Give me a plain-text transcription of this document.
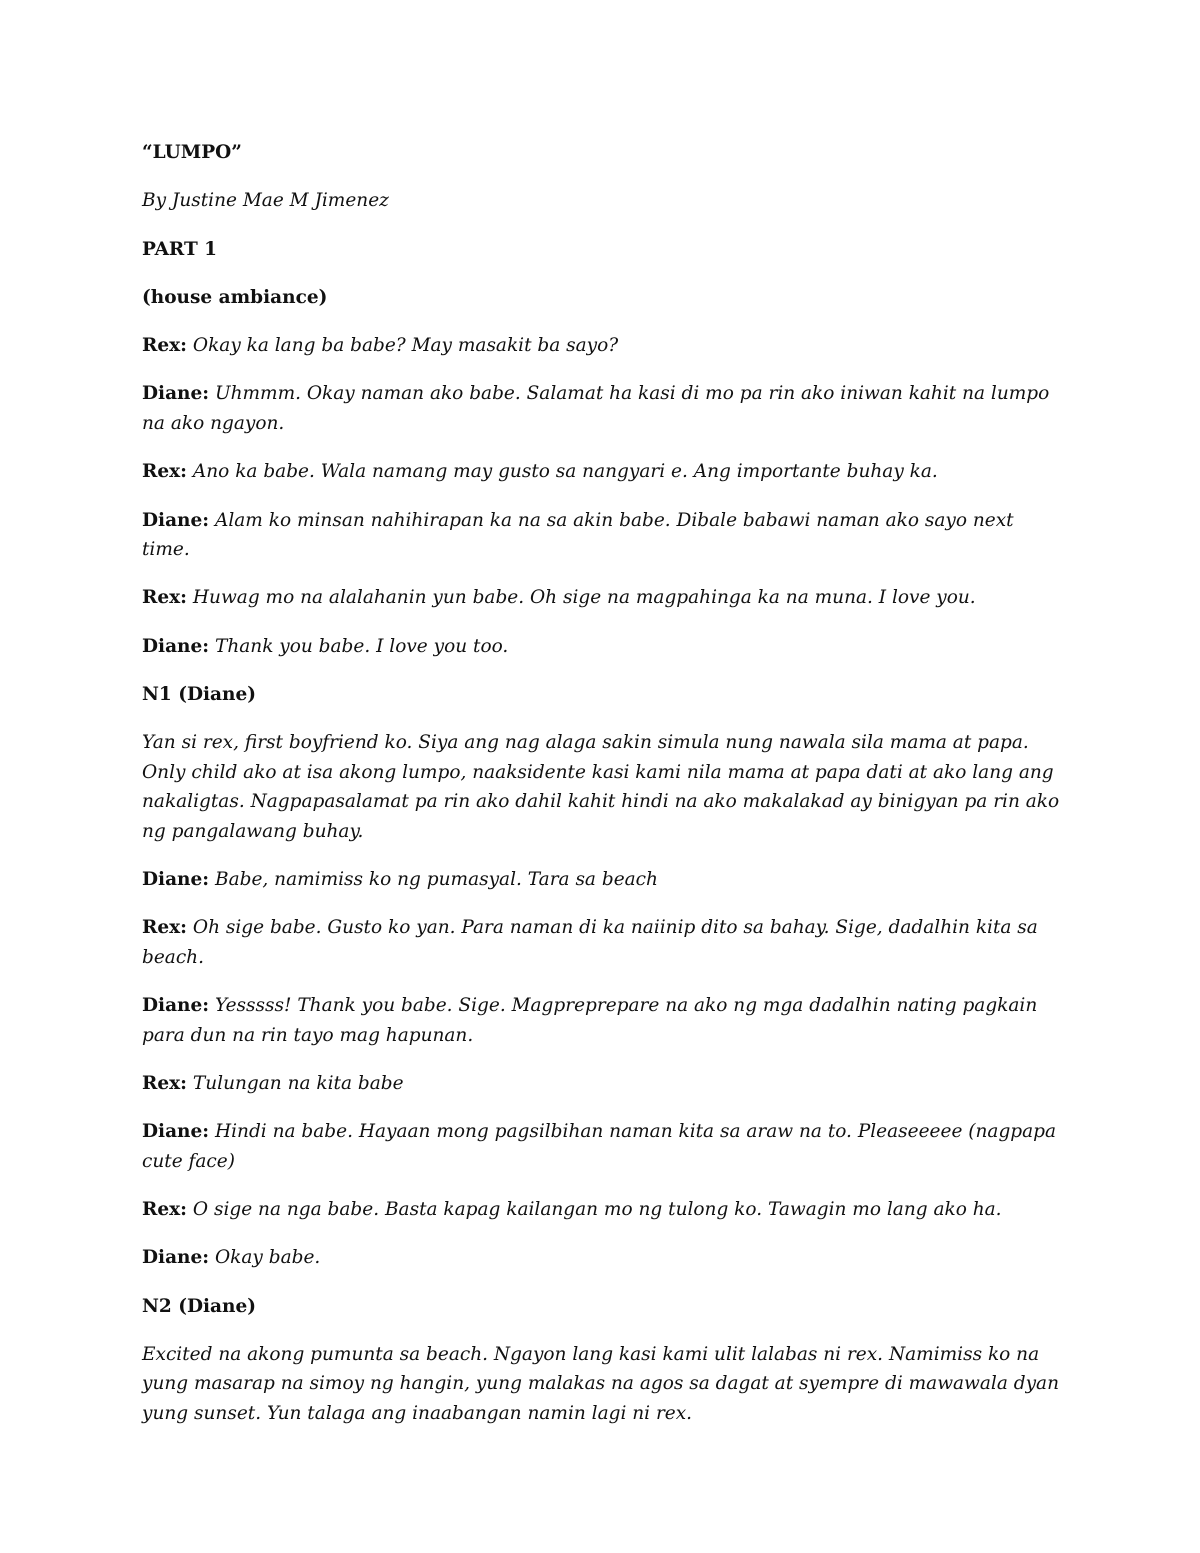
“LUMPO”

By Justine Mae M Jimenez

PART 1

(house ambiance)

Rex: Okay ka lang ba babe? May masakit ba sayo?

Diane: Uhmmm. Okay naman ako babe. Salamat ha kasi di mo pa rin ako iniwan kahit na lumpo na ako ngayon.

Rex: Ano ka babe. Wala namang may gusto sa nangyari e. Ang importante buhay ka.

Diane: Alam ko minsan nahihirapan ka na sa akin babe. Dibale babawi naman ako sayo next time.

Rex: Huwag mo na alalahanin yun babe. Oh sige na magpahinga ka na muna. I love you.

Diane: Thank you babe. I love you too.

N1 (Diane)

Yan si rex, first boyfriend ko. Siya ang nag alaga sakin simula nung nawala sila mama at papa. Only child ako at isa akong lumpo, naaksidente kasi kami nila mama at papa dati at ako lang ang nakaligtas. Nagpapasalamat pa rin ako dahil kahit hindi na ako makalakad ay binigyan pa rin ako ng pangalawang buhay.

Diane: Babe, namimiss ko ng pumasyal. Tara sa beach

Rex: Oh sige babe. Gusto ko yan. Para naman di ka naiinip dito sa bahay. Sige, dadalhin kita sa beach.

Diane: Yesssss! Thank you babe. Sige. Magpreprepare na ako ng mga dadalhin nating pagkain para dun na rin tayo mag hapunan.

Rex: Tulungan na kita babe

Diane: Hindi na babe. Hayaan mong pagsilbihan naman kita sa araw na to. Pleaseeeee (nagpapa cute face)

Rex: O sige na nga babe. Basta kapag kailangan mo ng tulong ko. Tawagin mo lang ako ha.

Diane: Okay babe.

N2 (Diane)

Excited na akong pumunta sa beach. Ngayon lang kasi kami ulit lalabas ni rex. Namimiss ko na yung masarap na simoy ng hangin, yung malakas na agos sa dagat at syempre di mawawala dyan yung sunset. Yun talaga ang inaabangan namin lagi ni rex.
